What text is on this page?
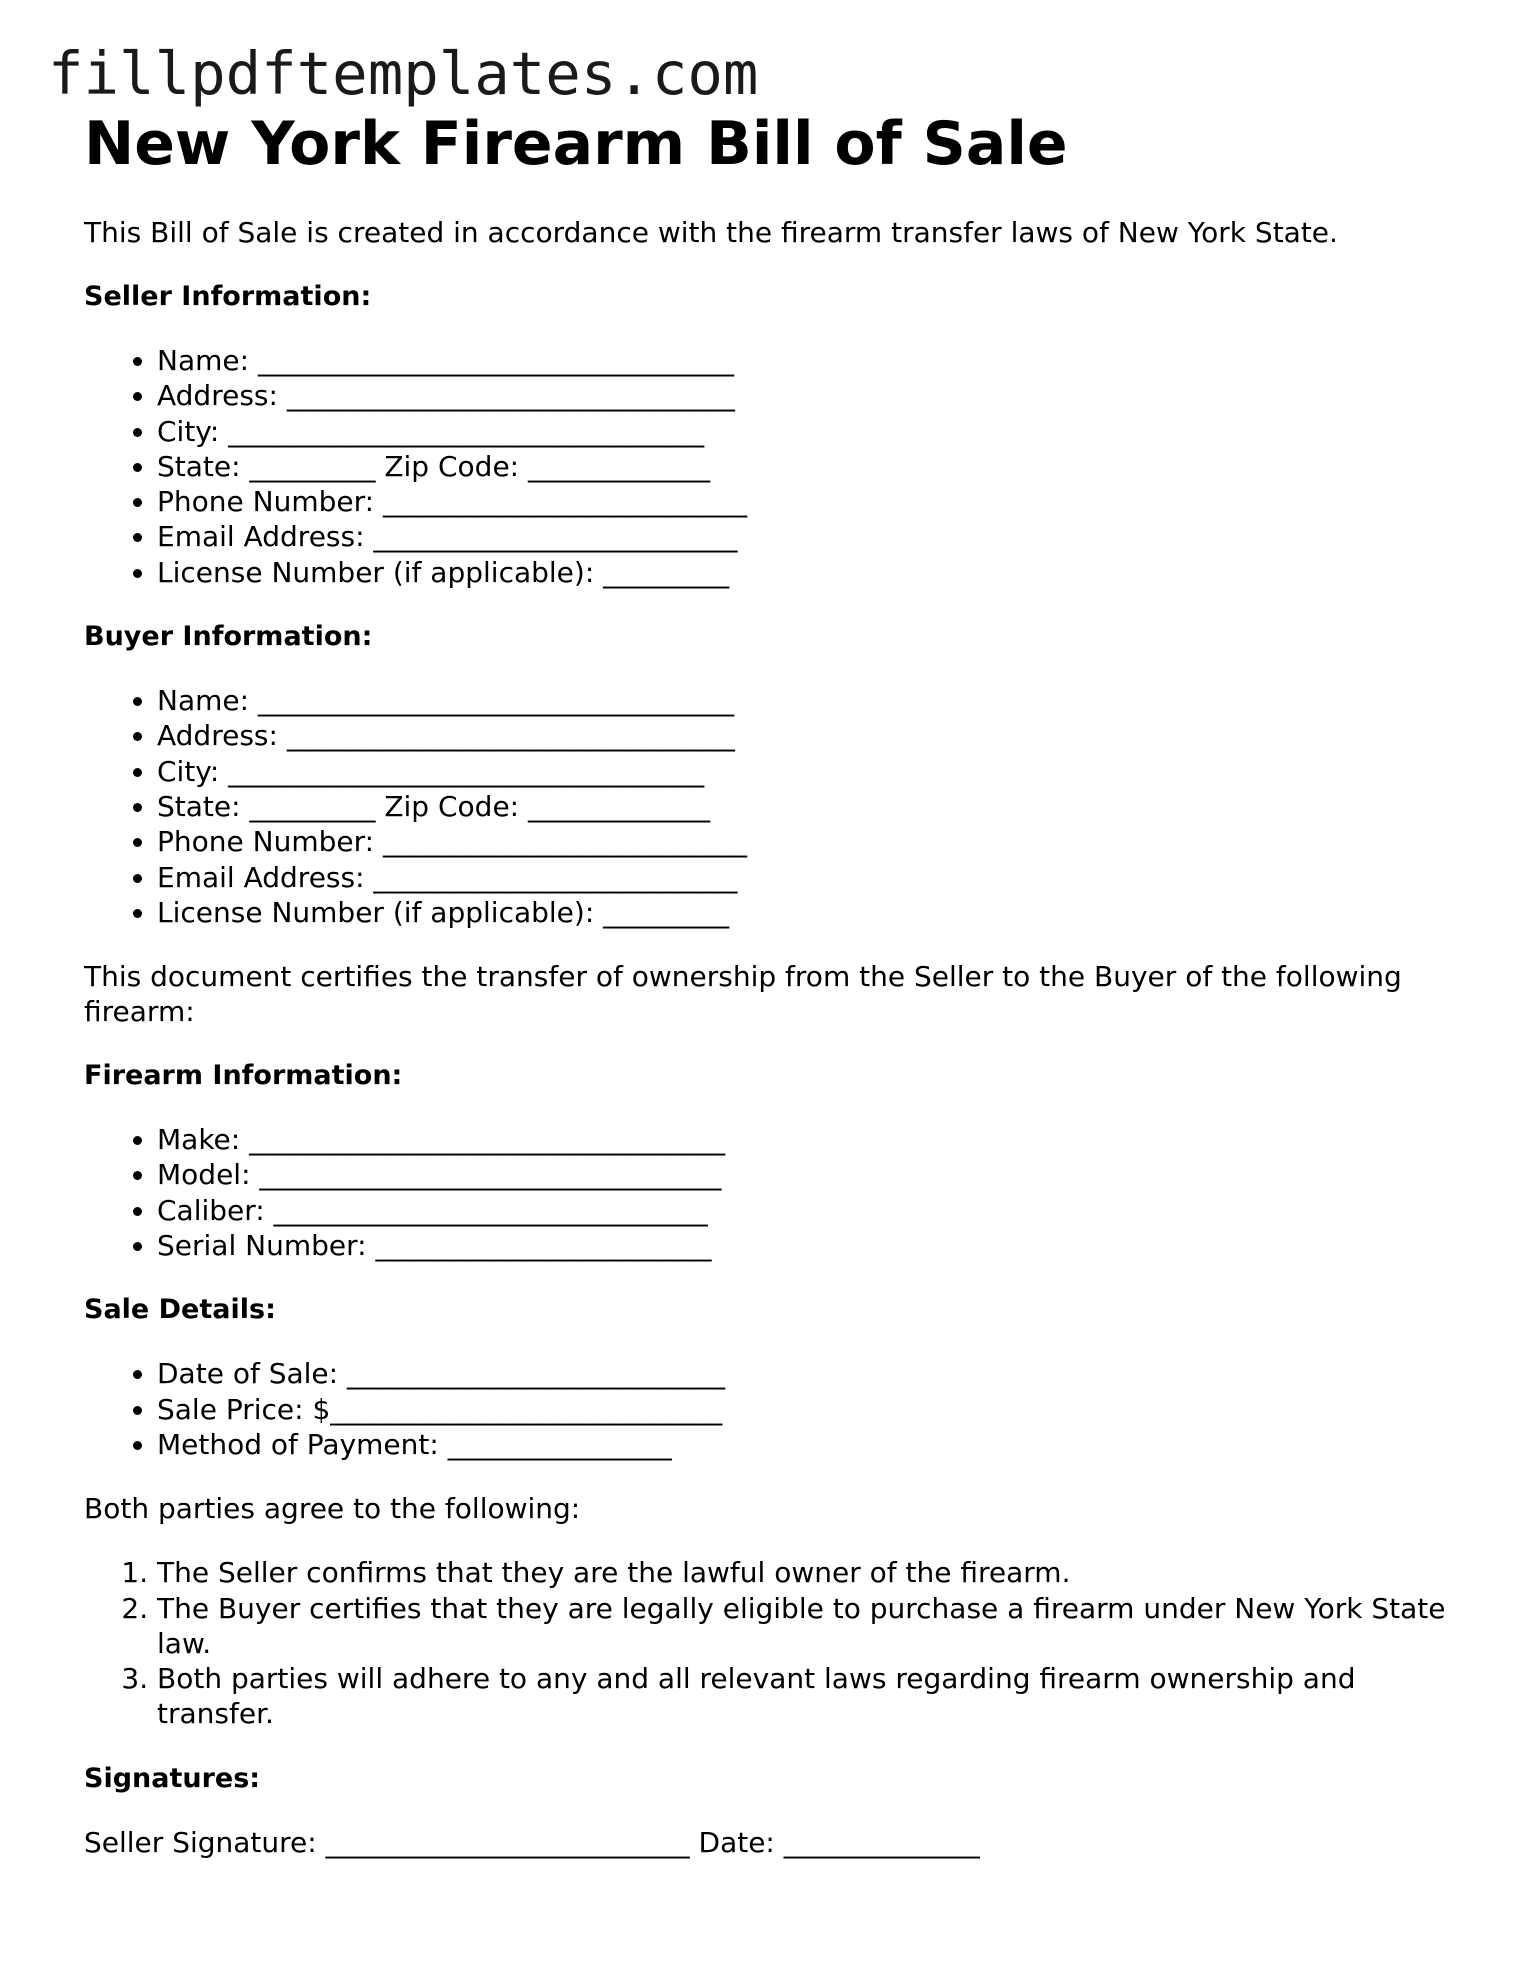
fillpdftemplates.com
New York Firearm Bill of Sale

This Bill of Sale is created in accordance with the firearm transfer laws of New York State.

Seller Information:

• Name: __________________________________
• Address: ________________________________
• City: __________________________________
• State: _________ Zip Code: _____________
• Phone Number: __________________________
• Email Address: __________________________
• License Number (if applicable): _________

Buyer Information:

• Name: __________________________________
• Address: ________________________________
• City: __________________________________
• State: _________ Zip Code: _____________
• Phone Number: __________________________
• Email Address: __________________________
• License Number (if applicable): _________

This document certifies the transfer of ownership from the Seller to the Buyer of the following firearm:

Firearm Information:

• Make: __________________________________
• Model: _________________________________
• Caliber: _______________________________
• Serial Number: ________________________

Sale Details:

• Date of Sale: ___________________________
• Sale Price: $____________________________
• Method of Payment: ________________

Both parties agree to the following:

1. The Seller confirms that they are the lawful owner of the firearm.
2. The Buyer certifies that they are legally eligible to purchase a firearm under New York State law.
3. Both parties will adhere to any and all relevant laws regarding firearm ownership and transfer.

Signatures:

Seller Signature: __________________________ Date: ______________
